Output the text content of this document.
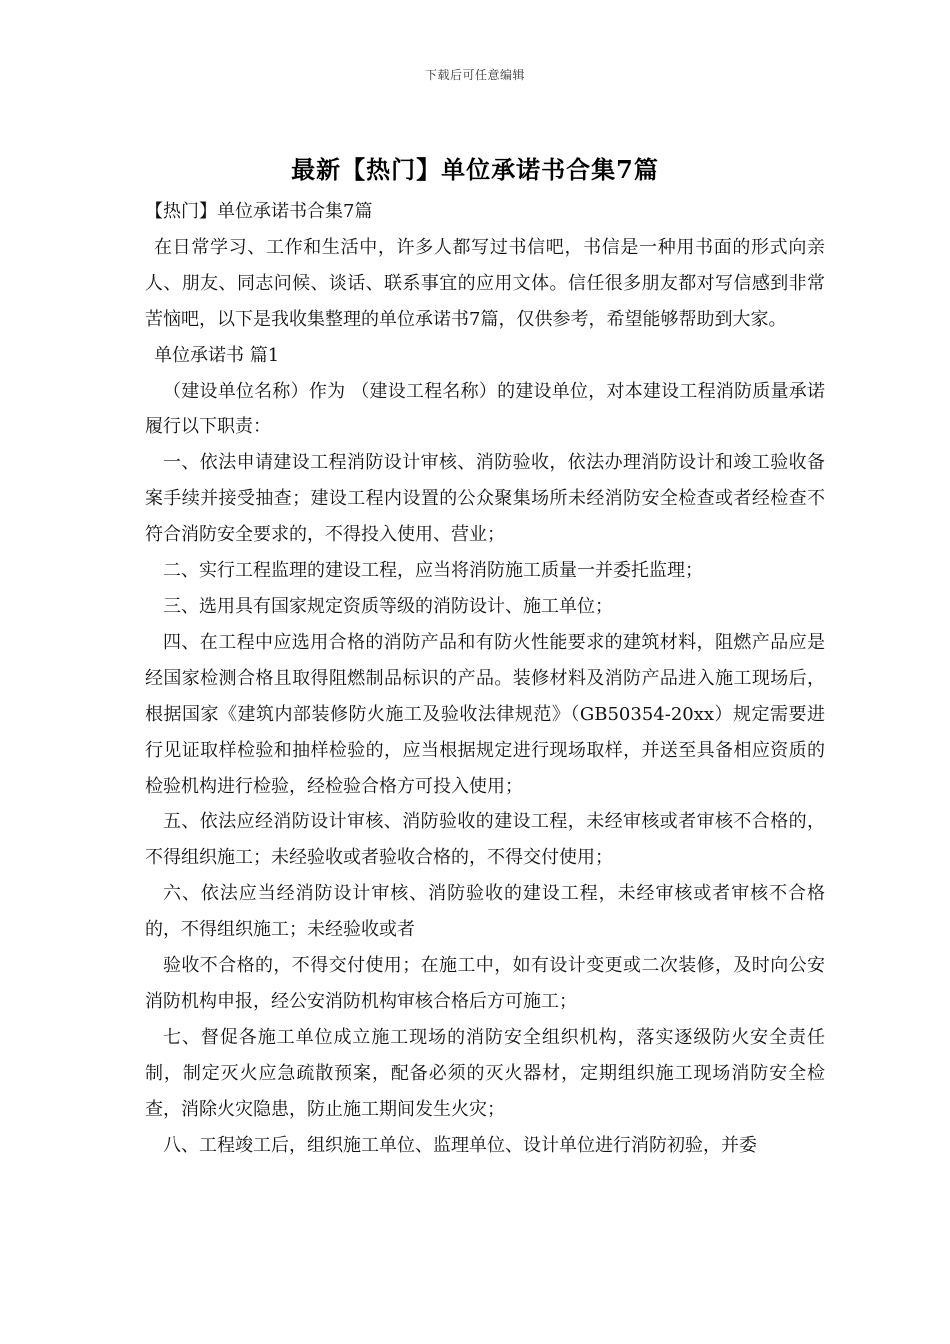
下载后可任意编辑
最新【热门】单位承诺书合集7篇

【热门】单位承诺书合集7篇

在日常学习、工作和生活中，许多人都写过书信吧，书信是一种用书面的形式向亲人、朋友、同志问候、谈话、联系事宜的应用文体。信任很多朋友都对写信感到非常苦恼吧，以下是我收集整理的单位承诺书7篇，仅供参考，希望能够帮助到大家。

单位承诺书 篇1

（建设单位名称）作为 （建设工程名称）的建设单位，对本建设工程消防质量承诺履行以下职责：

一、依法申请建设工程消防设计审核、消防验收，依法办理消防设计和竣工验收备案手续并接受抽查；建设工程内设置的公众聚集场所未经消防安全检查或者经检查不符合消防安全要求的，不得投入使用、营业；

二、实行工程监理的建设工程，应当将消防施工质量一并委托监理；

三、选用具有国家规定资质等级的消防设计、施工单位；

四、在工程中应选用合格的消防产品和有防火性能要求的建筑材料，阻燃产品应是经国家检测合格且取得阻燃制品标识的产品。装修材料及消防产品进入施工现场后，根据国家《建筑内部装修防火施工及验收法律规范》（GB50354-20xx）规定需要进行见证取样检验和抽样检验的，应当根据规定进行现场取样，并送至具备相应资质的检验机构进行检验，经检验合格方可投入使用；

五、依法应经消防设计审核、消防验收的建设工程，未经审核或者审核不合格的，不得组织施工；未经验收或者验收合格的，不得交付使用；

六、依法应当经消防设计审核、消防验收的建设工程，未经审核或者审核不合格的，不得组织施工；未经验收或者

验收不合格的，不得交付使用；在施工中，如有设计变更或二次装修，及时向公安消防机构申报，经公安消防机构审核合格后方可施工；

七、督促各施工单位成立施工现场的消防安全组织机构，落实逐级防火安全责任制，制定灭火应急疏散预案，配备必须的灭火器材，定期组织施工现场消防安全检查，消除火灾隐患，防止施工期间发生火灾；

八、工程竣工后，组织施工单位、监理单位、设计单位进行消防初验，并委
